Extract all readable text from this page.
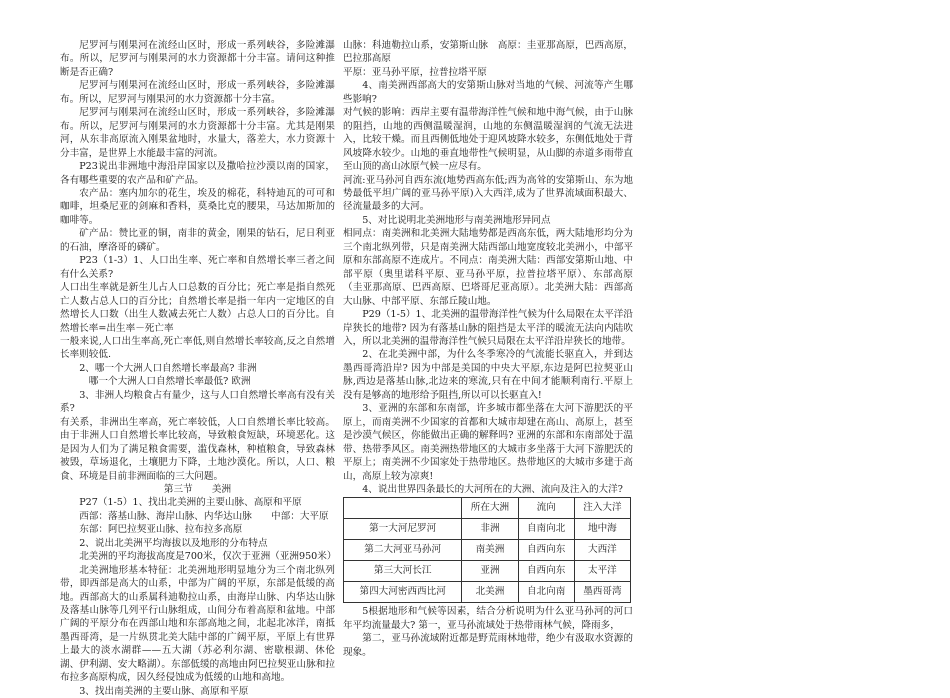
尼罗河与刚果河在流经山区时，形成一系列峡谷，多险滩瀑布。所以，尼罗河与刚果河的水力资源都十分丰富。请问这种推断是否正确?

尼罗河与刚果河在流经山区时，形成一系列峡谷，多险滩瀑布。所以，尼罗河与刚果河的水力资源都十分丰富。

尼罗河与刚果河在流经山区时，形成一系列峡谷，多险滩瀑布。所以，尼罗河与刚果河的水力资源都十分丰富。尤其是刚果河，从东非高原流入刚果盆地时，水量大，落差大，水力资源十分丰富，是世界上水能最丰富的河流。

P23说出非洲地中海沿岸国家以及撒哈拉沙漠以南的国家，各有哪些重要的农产品和矿产品。

农产品：塞内加尔的花生，埃及的棉花，科特迪瓦的可可和咖啡，坦桑尼亚的剑麻和香料，莫桑比克的腰果，马达加斯加的咖啡等。

矿产品：赞比亚的铜，南非的黄金，刚果的钻石，尼日利亚的石油，摩洛哥的磷矿。

P23（1-3）1、人口出生率、死亡率和自然增长率三者之间有什么关系?

人口出生率就是新生儿占人口总数的百分比；死亡率是指自然死亡人数占总人口的百分比；自然增长率是指一年内一定地区的自然增长人口数（出生人数减去死亡人数）占总人口的百分比。自然增长率=出生率－死亡率

一般来说,人口出生率高,死亡率低,则自然增长率较高,反之自然增长率则较低.

2、哪一个大洲人口自然增长率最高? 非洲

哪一个大洲人口自然增长率最低? 欧洲

3、非洲人均粮食占有量少，这与人口自然增长率高有没有关系?

有关系，非洲出生率高，死亡率较低，人口自然增长率比较高。由于非洲人口自然增长率比较高，导致粮食短缺，环境恶化。这是因为人们为了满足粮食需要，滥伐森林，种植粮食，导致森林被毁，草场退化，土壤肥力下降，土地沙漠化。所以，人口、粮食、环境是目前非洲面临的三大问题。

第三节　　美洲

P27（1-5）1、找出北美洲的主要山脉、高原和平原

西部：落基山脉、海岸山脉、内华达山脉　　中部：大平原

东部：阿巴拉契亚山脉、拉布拉多高原

2、说出北美洲平均海拔以及地形的分布特点

北美洲的平均海拔高度是700米，仅次于亚洲（亚洲950米）

北美洲地形基本特征：北美洲地形明显地分为三个南北纵列带，即西部是高大的山系，中部为广阔的平原，东部是低缓的高地。西部高大的山系属科迪勒拉山系，由海岸山脉、内华达山脉及落基山脉等几列平行山脉组成，山间分布着高原和盆地。中部广阔的平原分布在西部山地和东部高地之间，北起北冰洋，南抵墨西哥湾，是一片纵贯北美大陆中部的广阔平原，平原上有世界上最大的淡水湖群——五大湖（苏必利尔湖、密歇根湖、休伦湖、伊利湖、安大略湖）。东部低缓的高地由阿巴拉契亚山脉和拉布拉多高原构成，因久经侵蚀成为低缓的山地和高地。

3、找出南美洲的主要山脉、高原和平原

山脉：科迪勒拉山系，安第斯山脉　高原：圭亚那高原，巴西高原，巴拉那高原

平原：亚马孙平原，拉普拉塔平原

4、南美洲西部高大的安第斯山脉对当地的气候、河流等产生哪些影响?

对气候的影响：西岸主要有温带海洋性气候和地中海气候，由于山脉的阻挡，山地的西侧温暖湿润，山地的东侧温暖湿润的气流无法进入，比较干燥。而且西侧低地处于迎风坡降水较多，东侧低地处于背风坡降水较少。山地的垂直地带性气候明显，从山脚的赤道多雨带直至山顶的高山冰原气候一应尽有。

河流:亚马孙河自西东流(地势西高东低;西为高耸的安第斯山、东为地势最低平坦广阔的亚马孙平原)入大西洋,成为了世界流域面积最大、径流量最多的大河。

5、对比说明北美洲地形与南美洲地形异同点

相同点：南美洲和北美洲大陆地势都是西高东低，两大陆地形均分为三个南北纵列带，只是南美洲大陆西部山地宽度较北美洲小，中部平原和东部高原不连成片。不同点：南美洲大陆：西部安第斯山地、中部平原（奥里诺科平原、亚马孙平原，拉普拉塔平原）、东部高原（圭亚那高原、巴西高原、巴塔哥尼亚高原）。北美洲大陆：西部高大山脉、中部平原、东部丘陵山地。

P29（1-5）1、北美洲的温带海洋性气候为什么局限在太平洋沿岸狭长的地带? 因为有落基山脉的阻挡是太平洋的暖流无法向内陆吹入，所以北美洲的温带海洋性气候只局限在太平洋沿岸狭长的地带。

2、在北美洲中部，为什么冬季寒冷的气流能长驱直入，并到达墨西哥湾沿岸? 因为中部是美国的中央大平原,东边是阿巴拉契亚山脉,西边是落基山脉,北边来的寒流,只有在中间才能顺利南行.平原上没有是够高的地形给予阻挡,所以可以长驱直入!

3、亚洲的东部和东南部，许多城市都坐落在大河下游肥沃的平原上，而南美洲不少国家的首都和大城市却建在高山、高原上，甚至是沙漠气候区，你能做出正确的解释吗? 亚洲的东部和东南部处于温带、热带季风区。南美洲热带地区的大城市多坐落于大河下游肥沃的平原上；南美洲不少国家处于热带地区。热带地区的大城市多建于高山，高原上较为凉爽!

4、说出世界四条最长的大河所在的大洲、流向及注入的大洋?

	所在大洲	流向	注入大洋
第一大河尼罗河	非洲	自南向北	地中海
第二大河亚马孙河	南美洲	自西向东	大西洋
第三大河长江	亚洲	自西向东	太平洋
第四大河密西西比河	北美洲	自北向南	墨西哥湾

5根据地形和气候等因素，结合分析说明为什么亚马孙河的河口年平均流量最大? 第一，亚马孙流域处于热带雨林气候，降雨多，

第二，亚马孙流域附近都是野荒雨林地带，绝少有汲取水资源的现象。
